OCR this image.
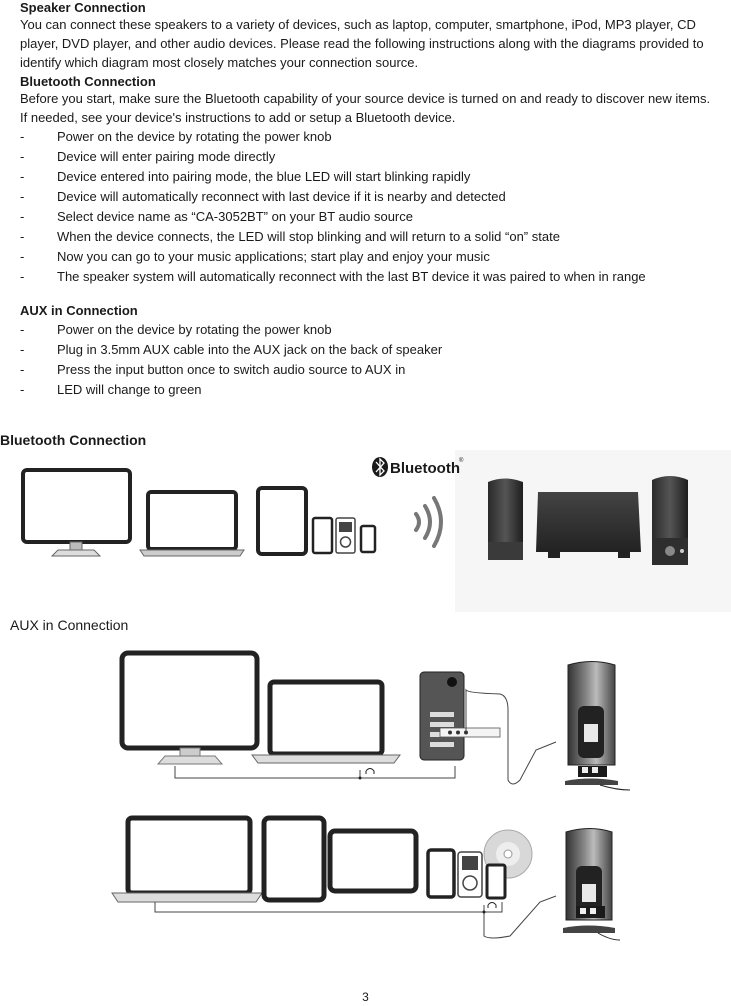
Speaker Connection

You can connect these speakers to a variety of devices, such as laptop, computer, smartphone, iPod, MP3 player, CD player, DVD player, and other audio devices. Please read the following instructions along with the diagrams provided to identify which diagram most closely matches your connection source.

Bluetooth Connection

Before you start, make sure the Bluetooth capability of your source device is turned on and ready to discover new items. If needed, see your device's instructions to add or setup a Bluetooth device.

-	Power on the device by rotating the power knob
-	Device will enter pairing mode directly
-	Device entered into pairing mode, the blue LED will start blinking rapidly
-	Device will automatically reconnect with last device if it is nearby and detected
-	Select device name as “CA-3052BT” on your BT audio source
-	When the device connects, the LED will stop blinking and will return to a solid “on” state
-	Now you can go to your music applications; start play and enjoy your music
-	The speaker system will automatically reconnect with the last BT device it was paired to when in range
AUX in Connection
-	Power on the device by rotating the power knob
-	Plug in 3.5mm AUX cable into the AUX jack on the back of speaker
-	Press the input button once to switch audio source to AUX in
-	LED will change to green
Bluetooth Connection
Bluetooth ®
AUX in Connection
3
